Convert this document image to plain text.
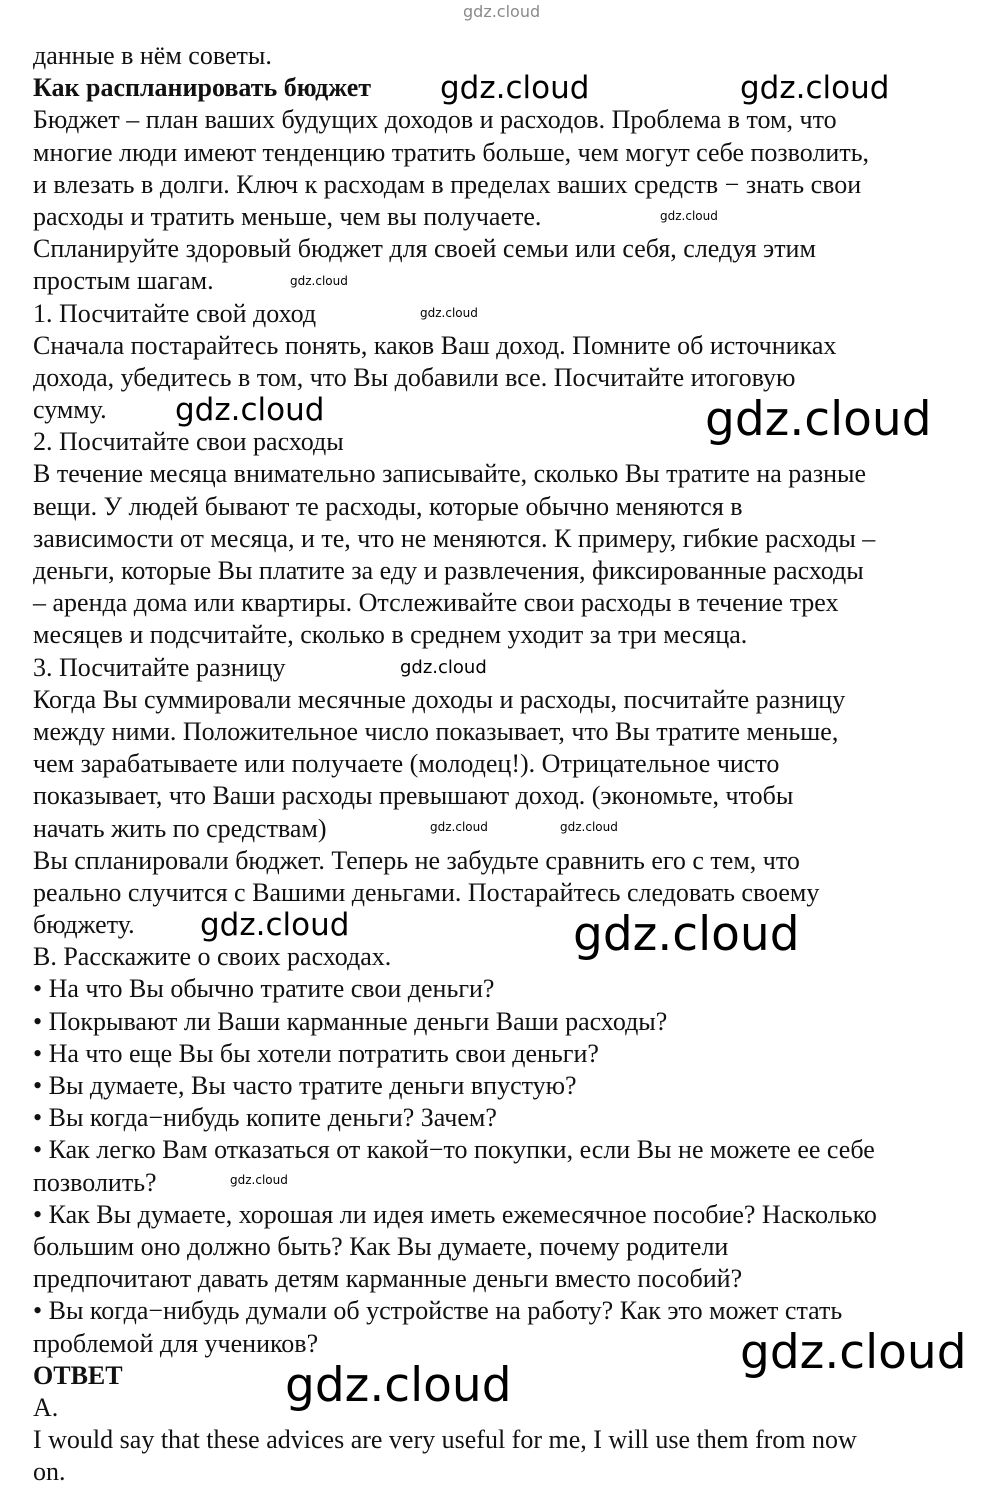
данные в нём советы.
Как распланировать бюджет
Бюджет – план ваших будущих доходов и расходов. Проблема в том, что
многие люди имеют тенденцию тратить больше, чем могут себе позволить,
и влезать в долги. Ключ к расходам в пределах ваших средств − знать свои
расходы и тратить меньше, чем вы получаете.
Спланируйте здоровый бюджет для своей семьи или себя, следуя этим
простым шагам.
1. Посчитайте свой доход
Сначала постарайтесь понять, каков Ваш доход. Помните об источниках
дохода, убедитесь в том, что Вы добавили все. Посчитайте итоговую
сумму.
2. Посчитайте свои расходы
В течение месяца внимательно записывайте, сколько Вы тратите на разные
вещи. У людей бывают те расходы, которые обычно меняются в
зависимости от месяца, и те, что не меняются. К примеру, гибкие расходы –
деньги, которые Вы платите за еду и развлечения, фиксированные расходы
– аренда дома или квартиры. Отслеживайте свои расходы в течение трех
месяцев и подсчитайте, сколько в среднем уходит за три месяца.
3. Посчитайте разницу
Когда Вы суммировали месячные доходы и расходы, посчитайте разницу
между ними. Положительное число показывает, что Вы тратите меньше,
чем зарабатываете или получаете (молодец!). Отрицательное чисто
показывает, что Ваши расходы превышают доход. (экономьте, чтобы
начать жить по средствам)
Вы спланировали бюджет. Теперь не забудьте сравнить его с тем, что
реально случится с Вашими деньгами. Постарайтесь следовать своему
бюджету.
B. Расскажите о своих расходах.
• На что Вы обычно тратите свои деньги?
• Покрывают ли Ваши карманные деньги Ваши расходы?
• На что еще Вы бы хотели потратить свои деньги?
• Вы думаете, Вы часто тратите деньги впустую?
• Вы когда−нибудь копите деньги? Зачем?
• Как легко Вам отказаться от какой−то покупки, если Вы не можете ее себе
позволить?
• Как Вы думаете, хорошая ли идея иметь ежемесячное пособие? Насколько
большим оно должно быть? Как Вы думаете, почему родители
предпочитают давать детям карманные деньги вместо пособий?
• Вы когда−нибудь думали об устройстве на работу? Как это может стать
проблемой для учеников?
ОТВЕТ
A.
I would say that these advices are very useful for me, I will use them from now
on.
gdz.cloud
gdz.cloud	gdz.cloud
gdz.cloud	gdz.cloud
gdz.cloud	gdz.cloud
gdz.cloud
gdz.cloud
gdz.cloud
gdz.cloud
gdz.cloud
gdz.cloud
gdz.cloud	gdz.cloud
gdz.cloud
